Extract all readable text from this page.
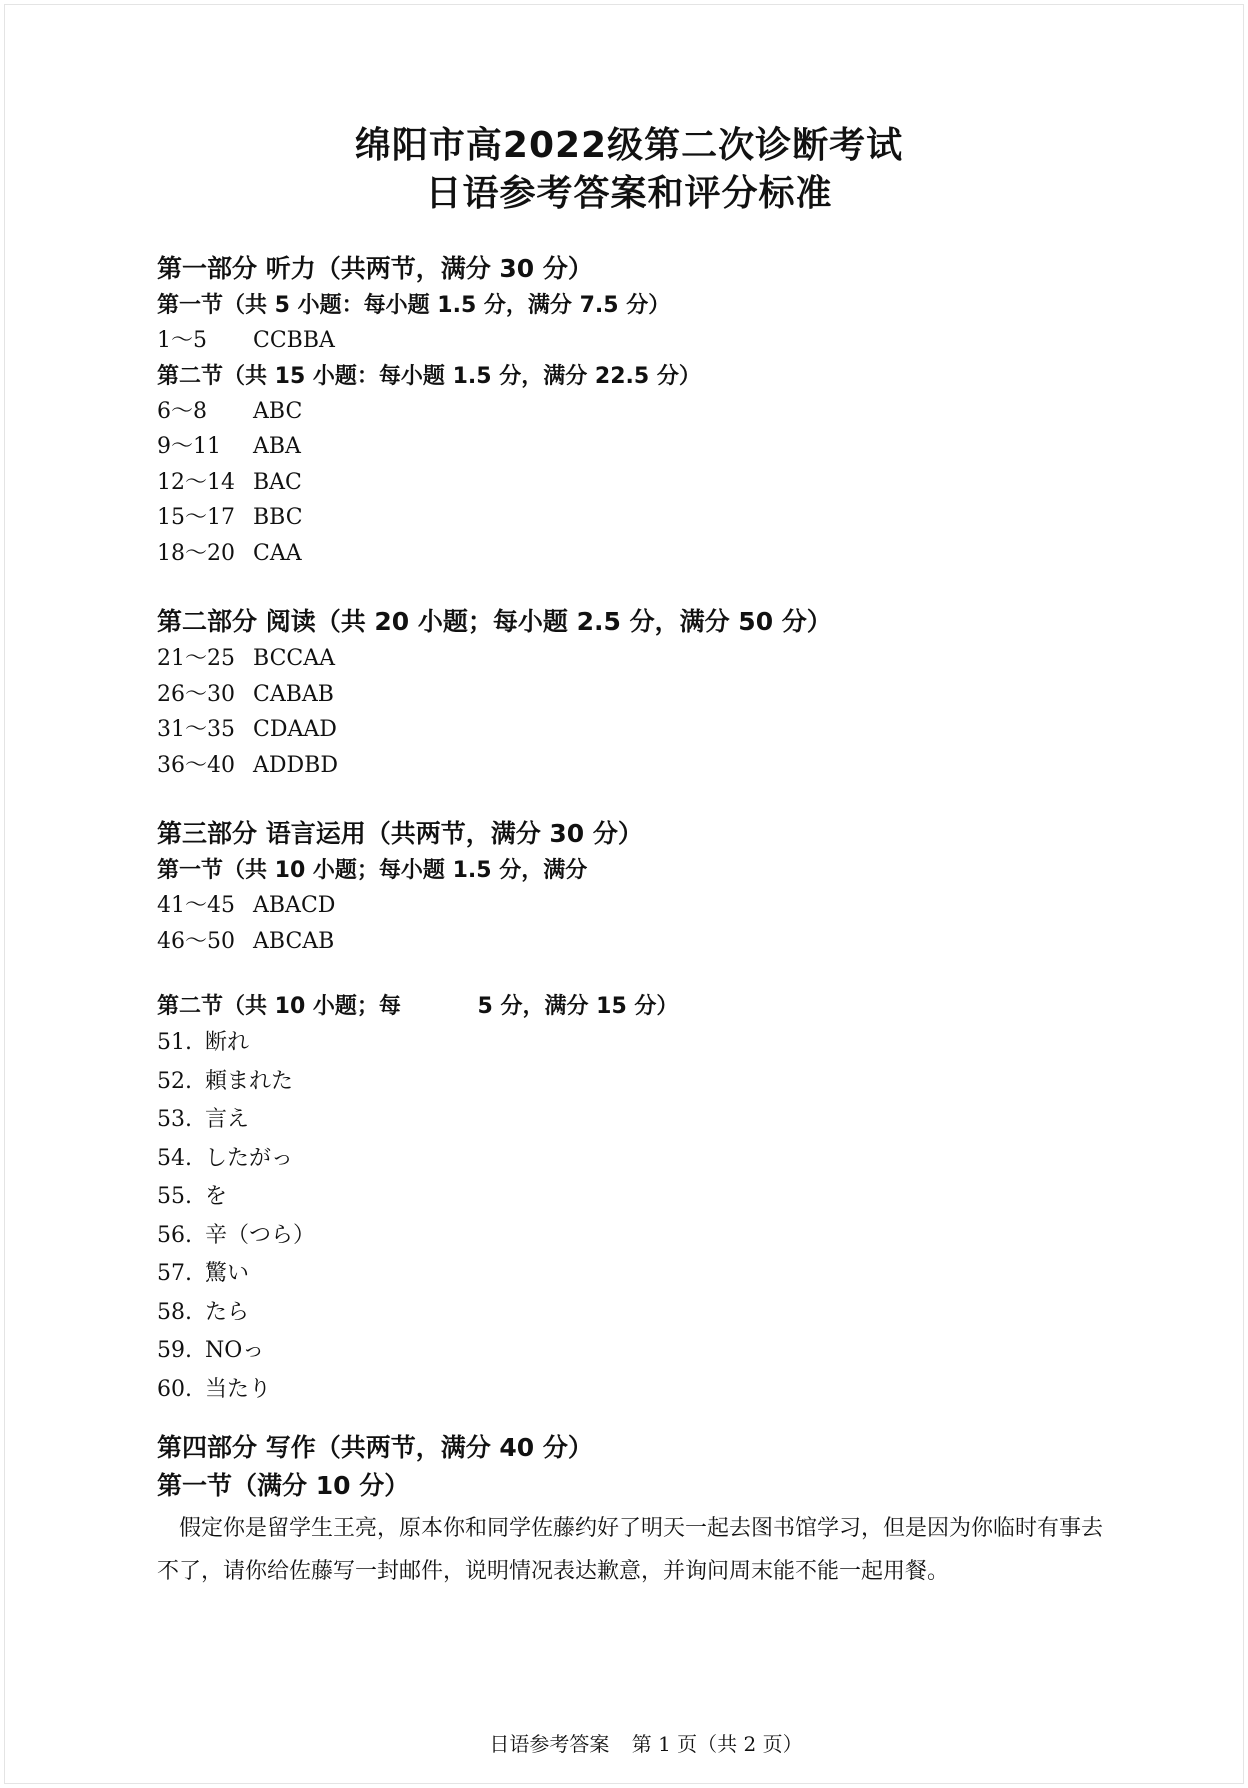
绵阳市高2022级第二次诊断考试
日语参考答案和评分标准
第一部分 听力（共两节，满分 30 分）
第一节（共 5 小题：每小题 1.5 分，满分 7.5 分）
1～5 CCBBA
第二节（共 15 小题：每小题 1.5 分，满分 22.5 分）
6～8 ABC
9～11 ABA
12～14 BAC
15～17 BBC
18～20 CAA
第二部分 阅读（共 20 小题；每小题 2.5 分，满分 50 分）
21～25 BCCAA
26～30 CABAB
31～35 CDAAD
36～40 ADDBD
第三部分 语言运用（共两节，满分 30 分）
第一节（共 10 小题；每小题 1.5 分，满分
41～45 ABACD
46～50 ABCAB
第二节（共 10 小题；每          5 分，满分 15 分）
51. 断れ
52. 頼まれた
53. 言え
54. したがっ
55. を
56. 辛（つら）
57. 驚い
58. たら
59. NOっ
60. 当たり
第四部分 写作（共两节，满分 40 分）
第一节（满分 10 分）
假定你是留学生王亮，原本你和同学佐藤约好了明天一起去图书馆学习，但是因为你临时有事去不了，请你给佐藤写一封邮件，说明情况表达歉意，并询问周末能不能一起用餐。
日语参考答案 第 1 页（共 2 页）
